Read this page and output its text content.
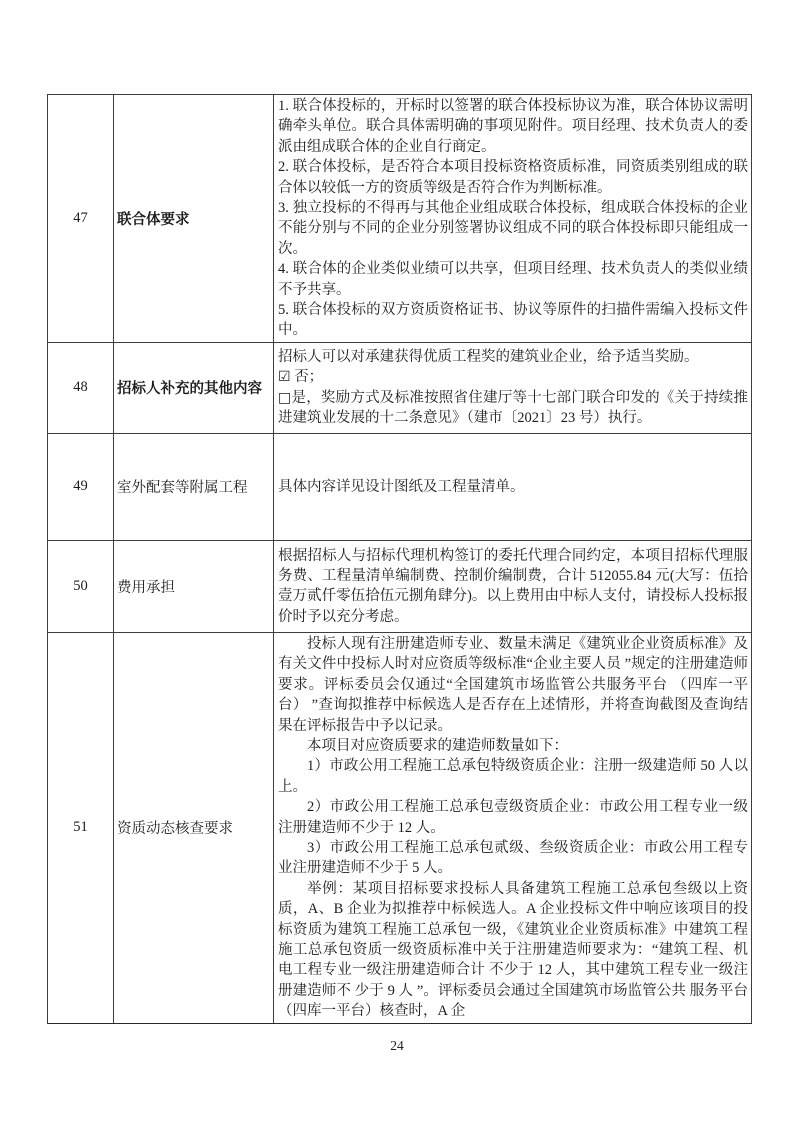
47	联合体要求	1. 联合体投标的，开标时以签署的联合体投标协议为准，联合体协议需明确牵头单位。联合具体需明确的事项见附件。项目经理、技术负责人的委派由组成联合体的企业自行商定。

2. 联合体投标，是否符合本项目投标资格资质标准，同资质类别组成的联合体以较低一方的资质等级是否符合作为判断标准。

3. 独立投标的不得再与其他企业组成联合体投标，组成联合体投标的企业不能分别与不同的企业分别签署协议组成不同的联合体投标即只能组成一次。

4. 联合体的企业类似业绩可以共享，但项目经理、技术负责人的类似业绩不予共享。

5. 联合体投标的双方资质资格证书、协议等原件的扫描件需编入投标文件中。

48	招标人补充的其他内容	招标人可以对承建获得优质工程奖的建筑业企业，给予适当奖励。

☑ 否；

□是，奖励方式及标准按照省住建厅等十七部门联合印发的《关于持续推进建筑业发展的十二条意见》（建市〔2021〕23 号）执行。

49	室外配套等附属工程	具体内容详见设计图纸及工程量清单。

50	费用承担	根据招标人与招标代理机构签订的委托代理合同约定，本项目招标代理服务费、工程量清单编制费、控制价编制费，合计 512055.84 元(大写：伍拾壹万贰仟零伍拾伍元捌角肆分)。以上费用由中标人支付，请投标人投标报价时予以充分考虑。

51	资质动态核查要求	

投标人现有注册建造师专业、数量未满足《建筑业企业资质标准》及有关文件中投标人时对应资质等级标准“企业主要人员 ”规定的注册建造师要求。评标委员会仅通过“全国建筑市场监管公共服务平台 （四库一平台） ”查询拟推荐中标候选人是否存在上述情形，并将查询截图及查询结果在评标报告中予以记录。

本项目对应资质要求的建造师数量如下：

1）市政公用工程施工总承包特级资质企业：注册一级建造师 50 人以上。

2）市政公用工程施工总承包壹级资质企业：市政公用工程专业一级注册建造师不少于 12 人。

3）市政公用工程施工总承包贰级、叁级资质企业：市政公用工程专业注册建造师不少于 5 人。

举例：某项目招标要求投标人具备建筑工程施工总承包叁级以上资质，A、B 企业为拟推荐中标候选人。A 企业投标文件中响应该项目的投标资质为建筑工程施工总承包一级，《建筑业企业资质标准》中建筑工程施工总承包资质一级资质标准中关于注册建造师要求为：“建筑工程、机电工程专业一级注册建造师合计 不少于 12 人，其中建筑工程专业一级注册建造师不 少于 9 人 ”。评标委员会通过全国建筑市场监管公共 服务平台（四库一平台）核查时，A 企

24
